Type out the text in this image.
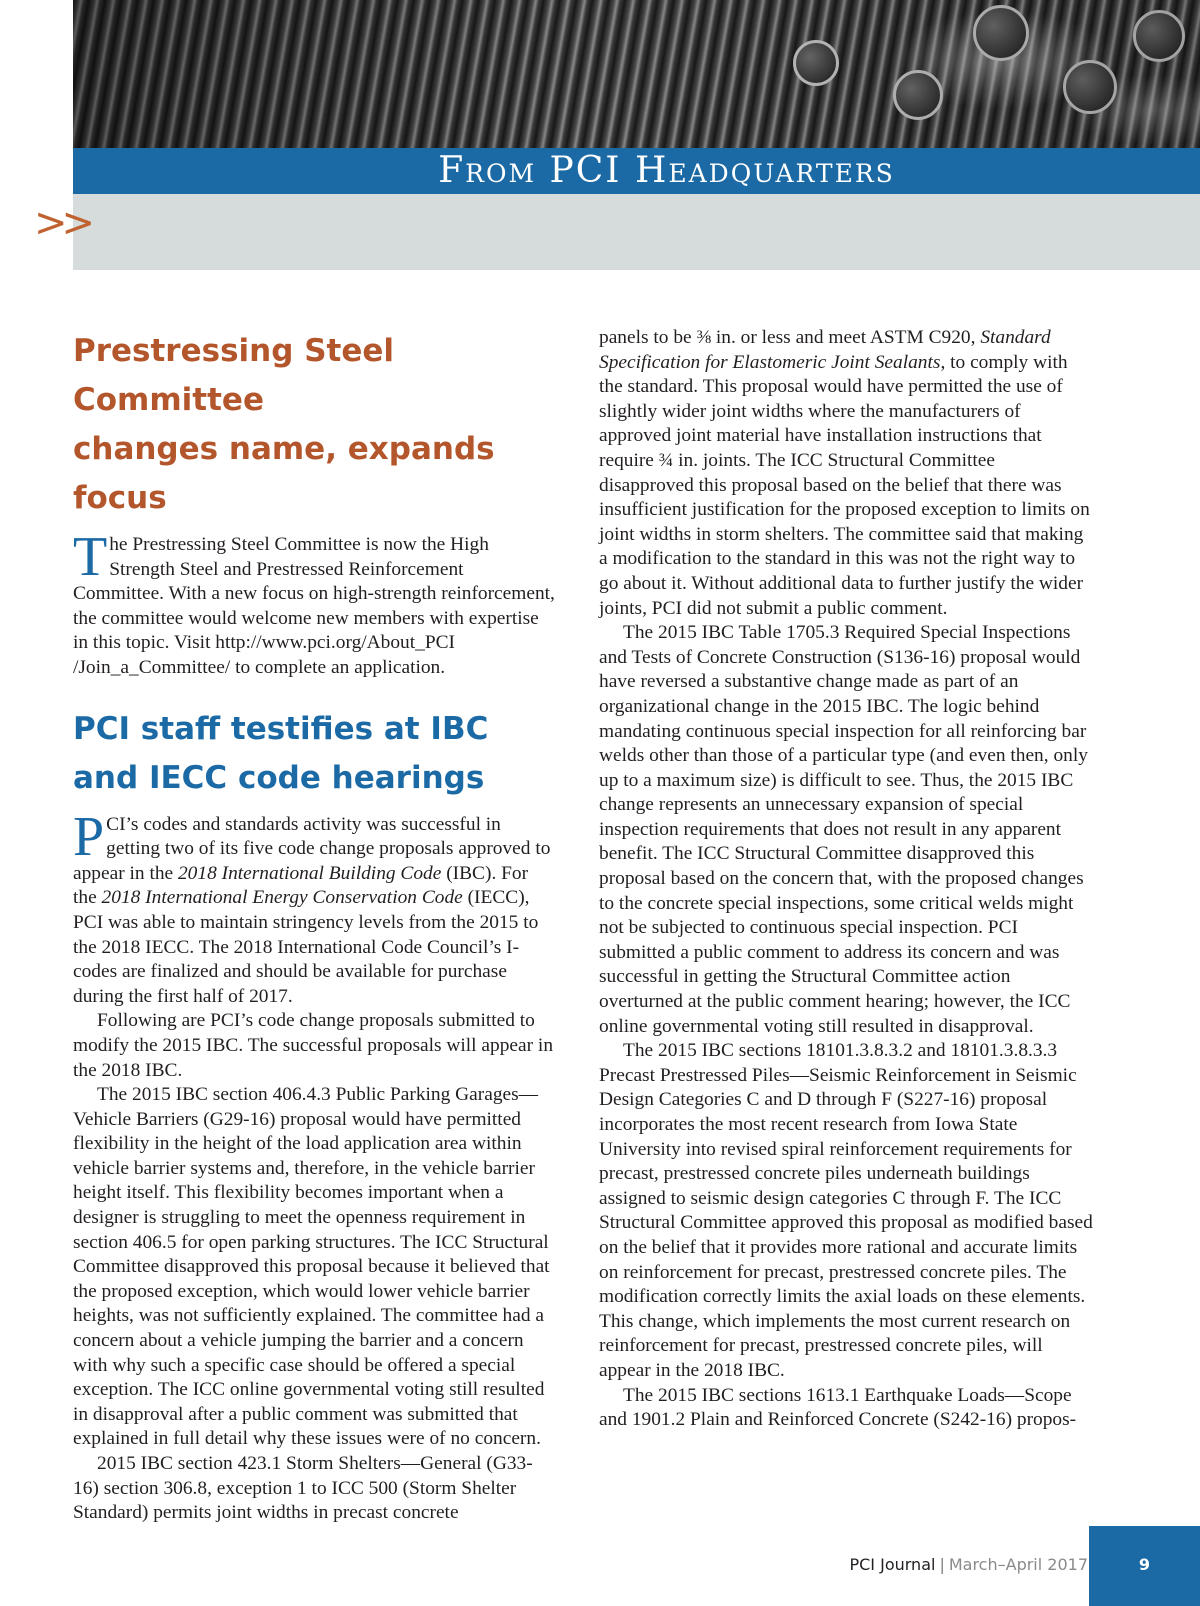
From PCI Headquarters
>>
Prestressing Steel Committee
changes name, expands focus

The Prestressing Steel Committee is now the High Strength Steel and Prestressed Reinforcement Committee. With a new focus on high-strength reinforcement, the committee would welcome new members with expertise in this topic. Visit http://www.pci.org/About_PCI /Join_a_Committee/ to complete an application.

PCI staff testifies at IBC
and IECC code hearings

PCI’s codes and standards activity was successful in getting two of its five code change proposals approved to appear in the 2018 International Building Code (IBC). For the 2018 International Energy Conservation Code (IECC), PCI was able to maintain stringency levels from the 2015 to the 2018 IECC. The 2018 International Code Council’s I-codes are finalized and should be available for purchase during the first half of 2017.

Following are PCI’s code change proposals submitted to modify the 2015 IBC. The successful proposals will appear in the 2018 IBC.

The 2015 IBC section 406.4.3 Public Parking Garages—Vehicle Barriers (G29-16) proposal would have permitted flexibility in the height of the load application area within vehicle barrier systems and, therefore, in the vehicle barrier height itself. This flexibility becomes important when a designer is struggling to meet the openness requirement in section 406.5 for open parking structures. The ICC Structural Committee disapproved this proposal because it believed that the proposed exception, which would lower vehicle barrier heights, was not sufficiently explained. The committee had a concern about a vehicle jumping the barrier and a concern with why such a specific case should be offered a special exception. The ICC online governmental voting still resulted in disapproval after a public comment was submitted that explained in full detail why these issues were of no concern.

2015 IBC section 423.1 Storm Shelters—General (G33-16) section 306.8, exception 1 to ICC 500 (Storm Shelter Standard) permits joint widths in precast concrete

panels to be ⅜ in. or less and meet ASTM C920, Standard Specification for Elastomeric Joint Sealants, to comply with the standard. This proposal would have permitted the use of slightly wider joint widths where the manufacturers of approved joint material have installation instructions that require ¾ in. joints. The ICC Structural Committee disapproved this proposal based on the belief that there was insufficient justification for the proposed exception to limits on joint widths in storm shelters. The committee said that making a modification to the standard in this was not the right way to go about it. Without additional data to further justify the wider joints, PCI did not submit a public comment.

The 2015 IBC Table 1705.3 Required Special Inspections and Tests of Concrete Construction (S136-16) proposal would have reversed a substantive change made as part of an organizational change in the 2015 IBC. The logic behind mandating continuous special inspection for all reinforcing bar welds other than those of a particular type (and even then, only up to a maximum size) is difficult to see. Thus, the 2015 IBC change represents an unnecessary expansion of special inspection requirements that does not result in any apparent benefit. The ICC Structural Committee disapproved this proposal based on the concern that, with the proposed changes to the concrete special inspections, some critical welds might not be subjected to continuous special inspection. PCI submitted a public comment to address its concern and was successful in getting the Structural Committee action overturned at the public comment hearing; however, the ICC online governmental voting still resulted in disapproval.

The 2015 IBC sections 18101.3.8.3.2 and 18101.3.8.3.3 Precast Prestressed Piles—Seismic Reinforcement in Seismic Design Categories C and D through F (S227-16) proposal incorporates the most recent research from Iowa State University into revised spiral reinforcement requirements for precast, prestressed concrete piles underneath buildings assigned to seismic design categories C through F. The ICC Structural Committee approved this proposal as modified based on the belief that it provides more rational and accurate limits on reinforcement for precast, prestressed concrete piles. The modification correctly limits the axial loads on these elements. This change, which implements the most current research on reinforcement for precast, prestressed concrete piles, will appear in the 2018 IBC.

The 2015 IBC sections 1613.1 Earthquake Loads—Scope and 1901.2 Plain and Reinforced Concrete (S242-16) propos-

PCI Journal | March–April 2017	9
